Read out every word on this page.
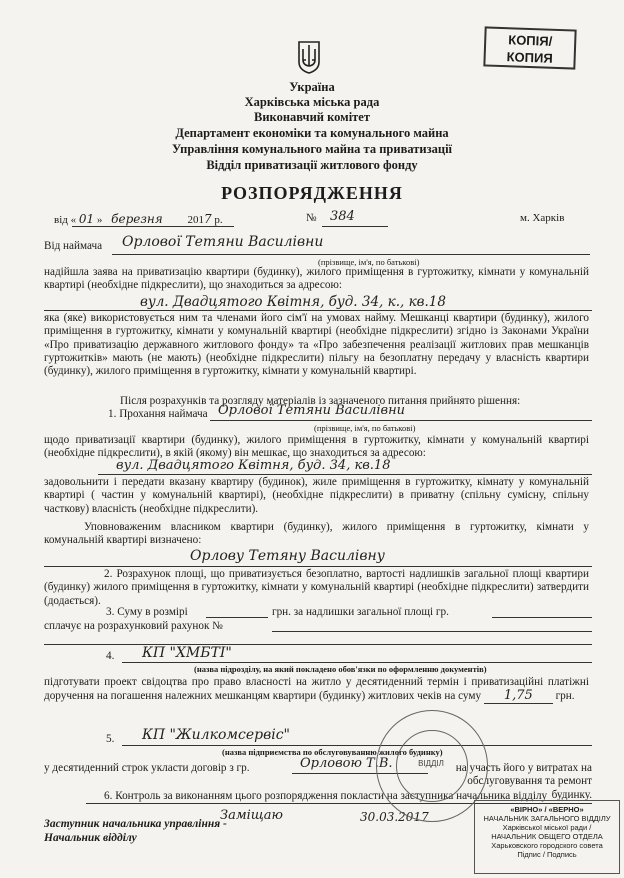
КОПІЯ/
КОПИЯ
Україна
Харківська міська рада
Виконавчий комітет
Департамент економіки та комунального майна
Управління комунального майна та приватизації
Відділ приватизації житлового фонду
РОЗПОРЯДЖЕННЯ
від « 01 » березня 2017 р.	№ 384	м. Харків
Від наймача Орлової Тетяни Василівни
(прізвище, ім'я, по батькові)
надійшла заява на приватизацію квартири (будинку), жилого приміщення в гуртожитку, кімнати у комунальній квартирі (необхідне підкреслити), що знаходиться за адресою:
вул. Двадцятого Квітня, буд. 34, к., кв.18
яка (яке) використовується ним та членами його сім'ї на умовах найму. Мешканці квартири (будинку), жилого приміщення в гуртожитку, кімнати у комунальній квартирі (необхідне підкреслити) згідно із Законами України «Про приватизацію державного житлового фонду» та «Про забезпечення реалізації житлових прав мешканців гуртожитків» мають (не мають) (необхідне підкреслити) пільгу на безоплатну передачу у власність квартири (будинку), жилого приміщення в гуртожитку, кімнати у комунальній квартирі.
Після розрахунків та розгляду матеріалів із зазначеного питання прийнято рішення:
1. Прохання наймача Орлової Тетяни Василівни
(прізвище, ім'я, по батькові)
щодо приватизації квартири (будинку), жилого приміщення в гуртожитку, кімнати у комунальній квартирі (необхідне підкреслити), в якій (якому) він мешкає, що знаходиться за адресою:
вул. Двадцятого Квітня, буд. 34, кв.18
задовольнити і передати вказану квартиру (будинок), жиле приміщення в гуртожитку, кімнату у комунальній квартирі ( частин у комунальній квартирі), (необхідне підкреслити) в приватну (спільну сумісну, спільну часткову) власність (необхідне підкреслити).
Уповноваженим власником квартири (будинку), жилого приміщення в гуртожитку, кімнати у комунальній квартирі визначено:
Орлову Тетяну Василівну
2. Розрахунок площі, що приватизується безоплатно, вартості надлишків загальної площі квартири (будинку) жилого приміщення в гуртожитку, кімнати у комунальній квартирі (необхідне підкреслити) затвердити (додається).
3. Суму в розмірі	грн. за надлишки загальної площі гр.
сплачує на розрахунковий рахунок №
4. КП "ХМБТІ"
(назва підрозділу, на який покладено обов'язки по оформленню документів)
підготувати проект свідоцтва про право власності на житло у десятиденний термін і приватизаційні платіжні доручення на погашення належних мешканцям квартири (будинку) житлових чеків на суму 1,75 грн.
5. КП "Жилкомсервіс"
(назва підприємства по обслуговуванню жилого будинку)
у десятиденний строк укласти договір з гр.	Орловою Т.В.	на участь його у витратах на обслуговування та ремонт будинку.
6. Контроль за виконанням цього розпорядження покласти на заступника начальника відділу
Заміщаю	30.03.2017
Заступник начальника управління -
Начальник відділу
ВІДДІЛ
«ВІРНО» / «ВЕРНО»
НАЧАЛЬНИК ЗАГАЛЬНОГО ВІДДІЛУ
Харківської міської ради /
НАЧАЛЬНИК ОБЩЕГО ОТДЕЛА
Харьковского городского совета
Підпис / Подпись
